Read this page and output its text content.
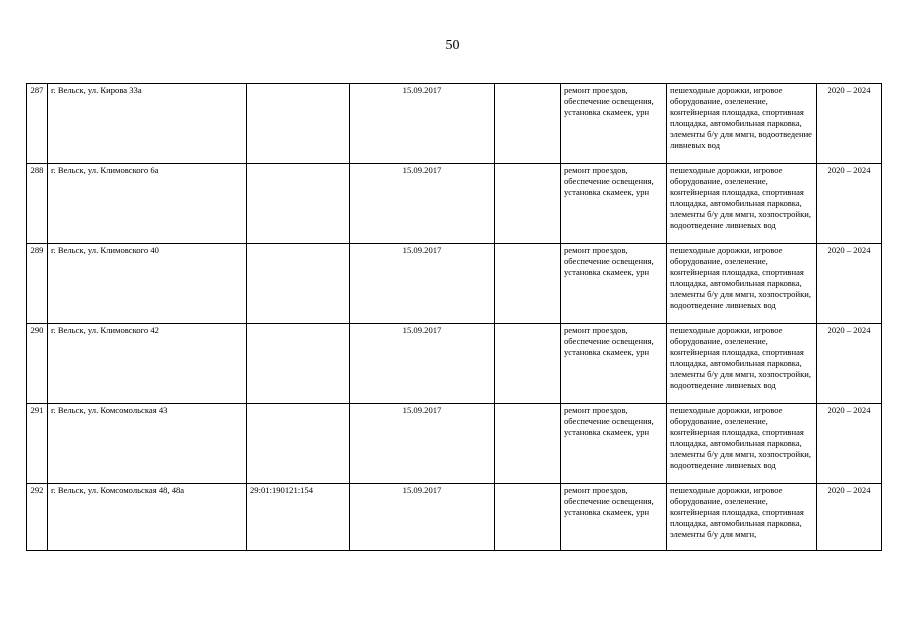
50
287	г. Вельск, ул. Кирова 33а		15.09.2017		ремонт проездов, обеспечение освещения, установка скамеек, урн	пешеходные дорожки, игровое оборудование, озеленение, контейнерная площадка, спортивная площадка, автомобильная парковка, элементы б/у для ммгн, водоотведение ливневых вод	2020 – 2024
288	г. Вельск, ул. Климовского 6а		15.09.2017		ремонт проездов, обеспечение освещения, установка скамеек, урн	пешеходные дорожки, игровое оборудование, озеленение, контейнерная площадка, спортивная площадка, автомобильная парковка, элементы б/у для ммгн, хозпостройки, водоотведение ливневых вод	2020 – 2024
289	г. Вельск, ул. Климовского 40		15.09.2017		ремонт проездов, обеспечение освещения, установка скамеек, урн	пешеходные дорожки, игровое оборудование, озеленение, контейнерная площадка, спортивная площадка, автомобильная парковка, элементы б/у для ммгн, хозпостройки, водоотведение ливневых вод	2020 – 2024
290	г. Вельск, ул. Климовского 42		15.09.2017		ремонт проездов, обеспечение освещения, установка скамеек, урн	пешеходные дорожки, игровое оборудование, озеленение, контейнерная площадка, спортивная площадка, автомобильная парковка, элементы б/у для ммгн, хозпостройки, водоотведение ливневых вод	2020 – 2024
291	г. Вельск, ул. Комсомольская 43		15.09.2017		ремонт проездов, обеспечение освещения, установка скамеек, урн	пешеходные дорожки, игровое оборудование, озеленение, контейнерная площадка, спортивная площадка, автомобильная парковка, элементы б/у для ммгн, хозпостройки, водоотведение ливневых вод	2020 – 2024
292	г. Вельск, ул. Комсомольская 48, 48а	29:01:190121:154	15.09.2017		ремонт проездов, обеспечение освещения, установка скамеек, урн	пешеходные дорожки, игровое оборудование, озеленение, контейнерная площадка, спортивная площадка, автомобильная парковка, элементы б/у для ммгн,	2020 – 2024
